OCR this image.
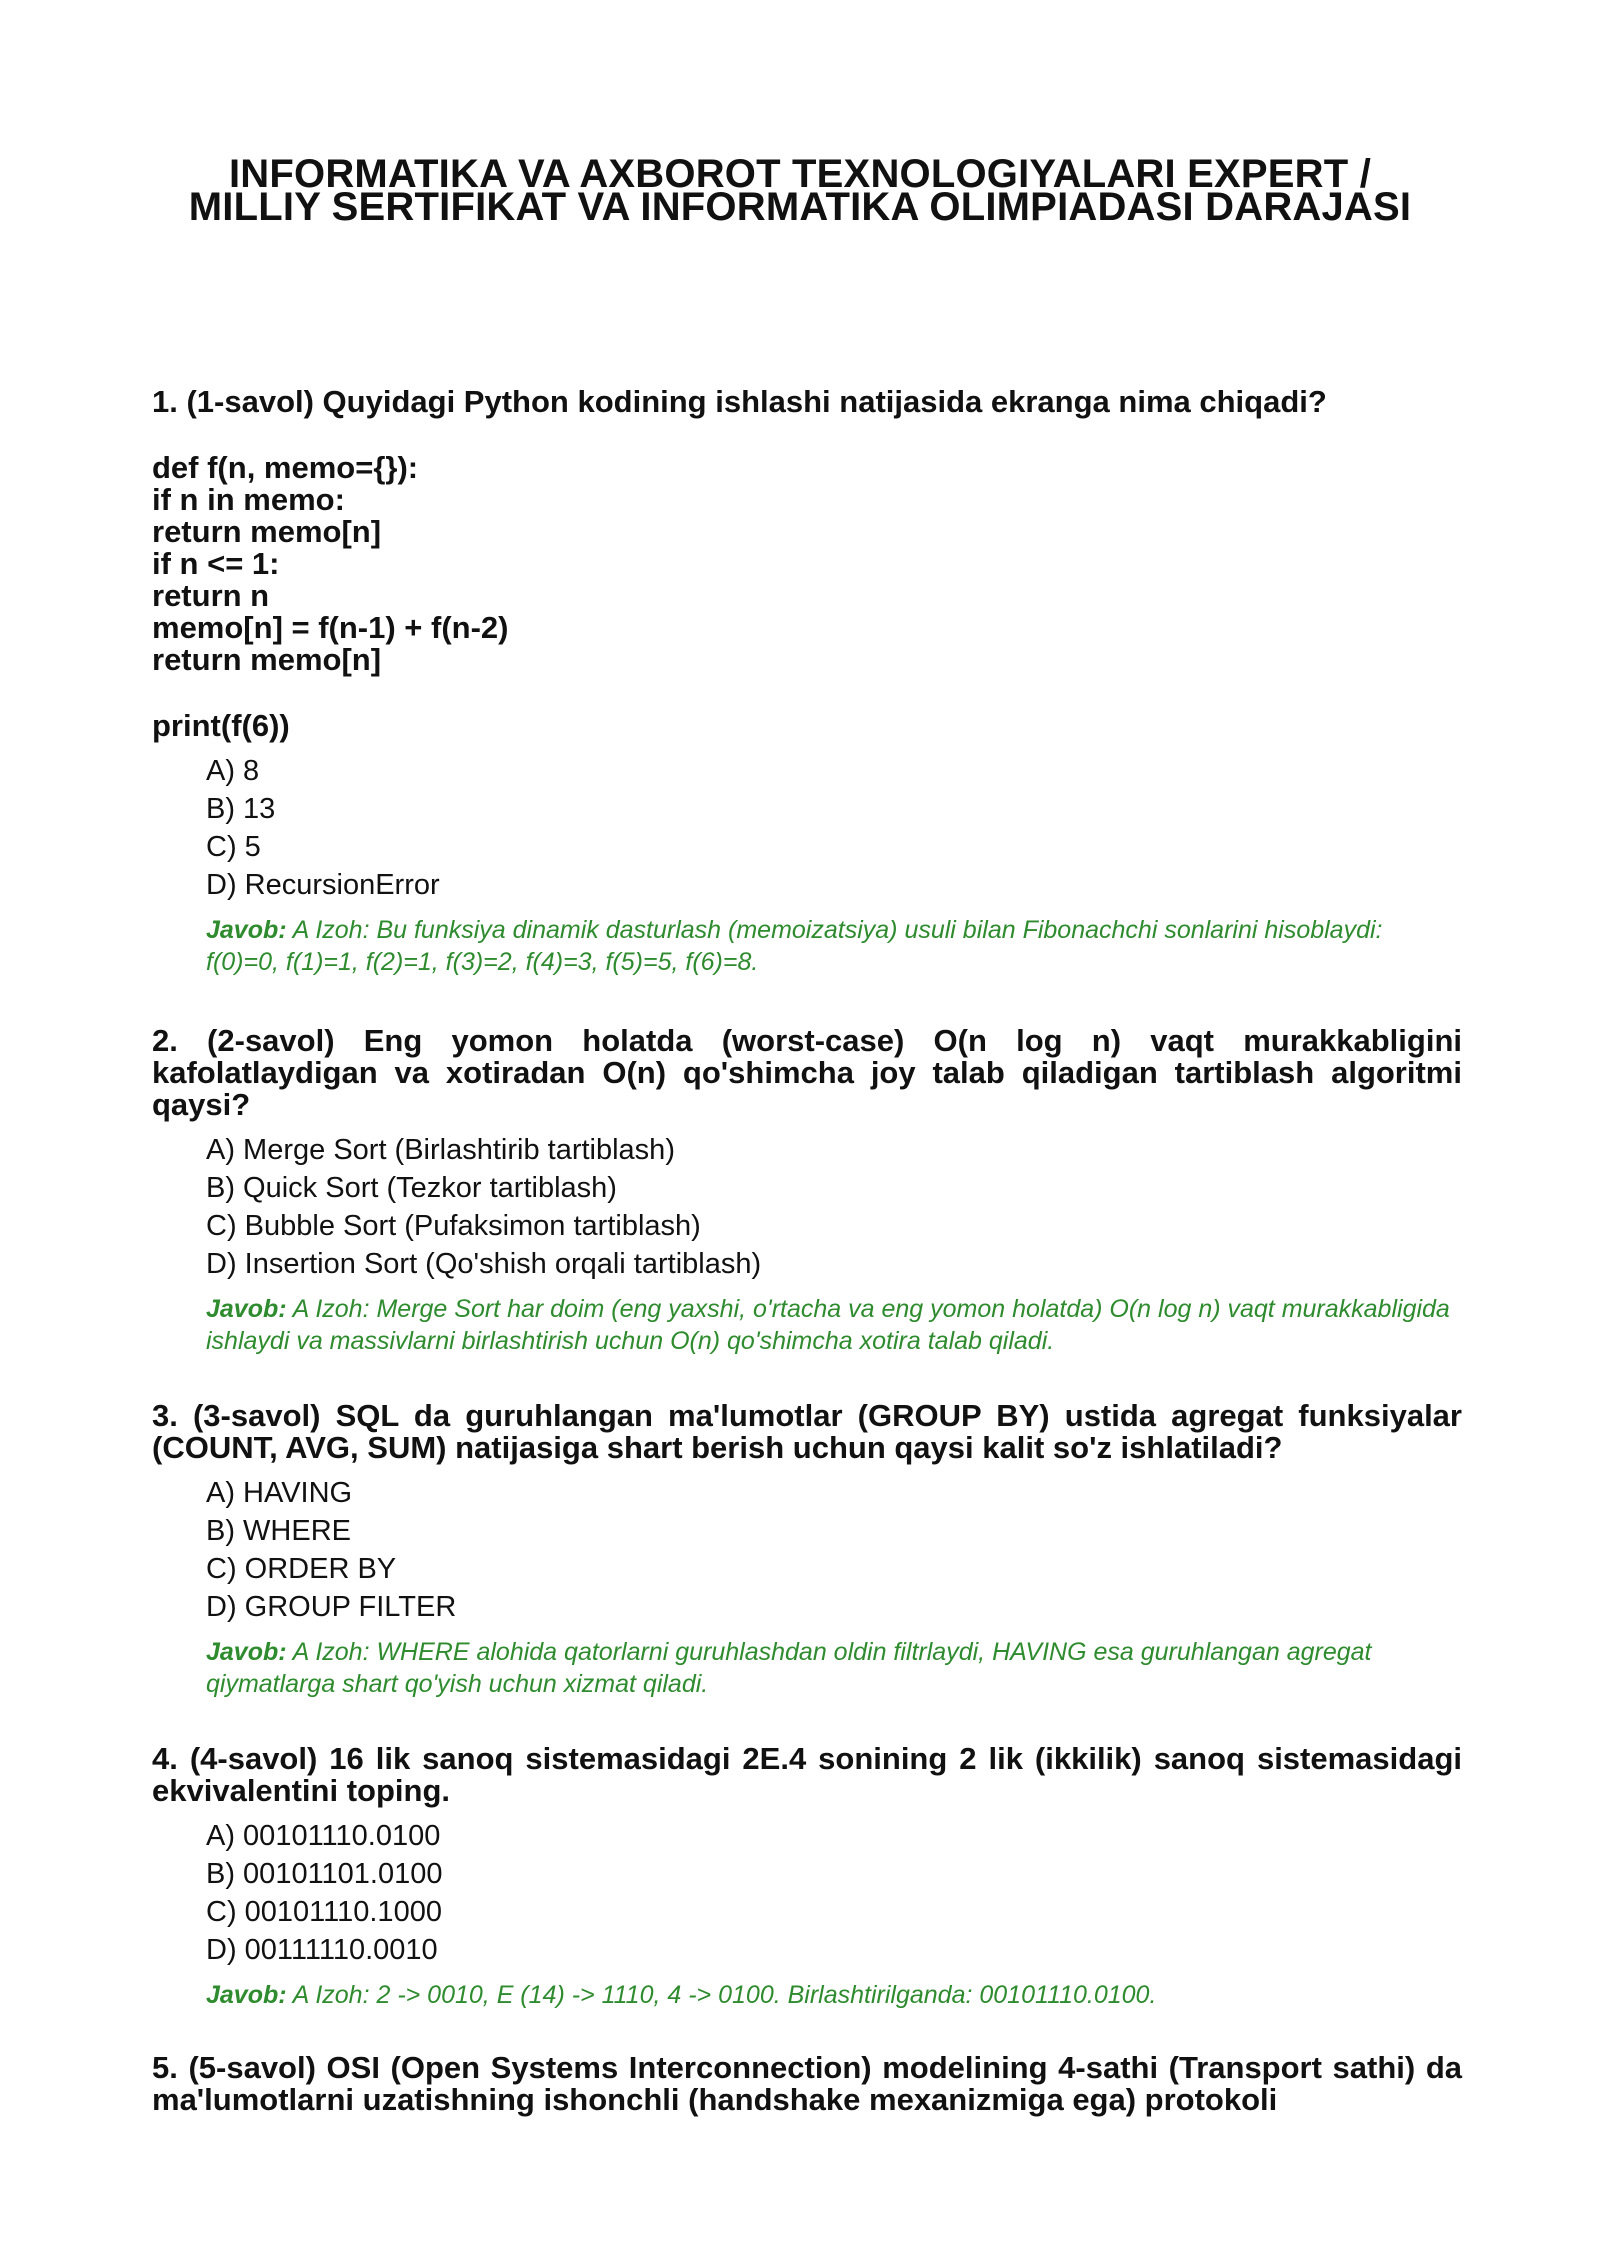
INFORMATIKA VA AXBOROT TEXNOLOGIYALARI EXPERT / MILLIY SERTIFIKAT VA INFORMATIKA OLIMPIADASI DARAJASI

1. (1-savol) Quyidagi Python kodining ishlashi natijasida ekranga nima chiqadi?

def f(n, memo={}):
if n in memo:
return memo[n]
if n <= 1:
return n
memo[n] = f(n-1) + f(n-2)
return memo[n]
print(f(6))
A) 8
B) 13
C) 5
D) RecursionError
Javob: A Izoh: Bu funksiya dinamik dasturlash (memoizatsiya) usuli bilan Fibonachchi sonlarini hisoblaydi: f(0)=0, f(1)=1, f(2)=1, f(3)=2, f(4)=3, f(5)=5, f(6)=8.

2. (2-savol) Eng yomon holatda (worst-case) O(n log n) vaqt murakkabligini kafolatlaydigan va xotiradan O(n) qo'shimcha joy talab qiladigan tartiblash algoritmi qaysi?

A) Merge Sort (Birlashtirib tartiblash)
B) Quick Sort (Tezkor tartiblash)
C) Bubble Sort (Pufaksimon tartiblash)
D) Insertion Sort (Qo'shish orqali tartiblash)
Javob: A Izoh: Merge Sort har doim (eng yaxshi, o'rtacha va eng yomon holatda) O(n log n) vaqt murakkabligida ishlaydi va massivlarni birlashtirish uchun O(n) qo'shimcha xotira talab qiladi.

3. (3-savol) SQL da guruhlangan ma'lumotlar (GROUP BY) ustida agregat funksiyalar (COUNT, AVG, SUM) natijasiga shart berish uchun qaysi kalit so'z ishlatiladi?

A) HAVING
B) WHERE
C) ORDER BY
D) GROUP FILTER
Javob: A Izoh: WHERE alohida qatorlarni guruhlashdan oldin filtrlaydi, HAVING esa guruhlangan agregat qiymatlarga shart qo'yish uchun xizmat qiladi.

4. (4-savol) 16 lik sanoq sistemasidagi 2E.4 sonining 2 lik (ikkilik) sanoq sistemasidagi ekvivalentini toping.

A) 00101110.0100
B) 00101101.0100
C) 00101110.1000
D) 00111110.0010
Javob: A Izoh: 2 -> 0010, E (14) -> 1110, 4 -> 0100. Birlashtirilganda: 00101110.0100.

5. (5-savol) OSI (Open Systems Interconnection) modelining 4-sathi (Transport sathi) da ma'lumotlarni uzatishning ishonchli (handshake mexanizmiga ega) protokoli
